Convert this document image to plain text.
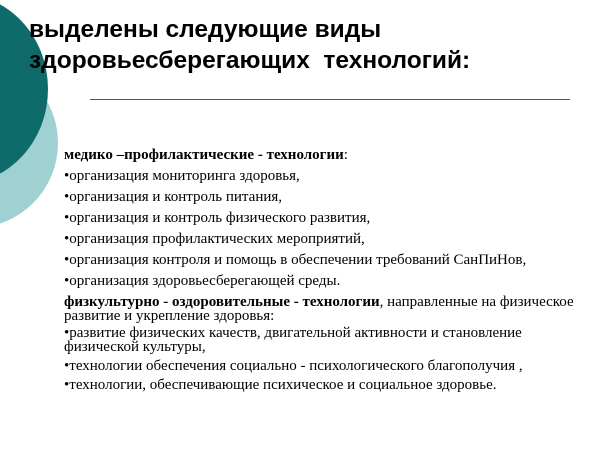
выделены следующие виды
здоровьесберегающих  технологий:

медико –профилактические - технологии:

• организация мониторинга здоровья,
• организация и контроль питания,
• организация и контроль физического развития,
• организация профилактических мероприятий,
• организация контроля и помощь в обеспечении требований СанПиНов,
• организация здоровьесберегающей среды.

физкультурно - оздоровительные - технологии, направленные на физическое развитие и укрепление здоровья:

• развитие физических качеств, двигательной активности и становление физической культуры,
• технологии обеспечения социально - психологического благополучия ,
• технологии, обеспечивающие психическое и социальное здоровье.
